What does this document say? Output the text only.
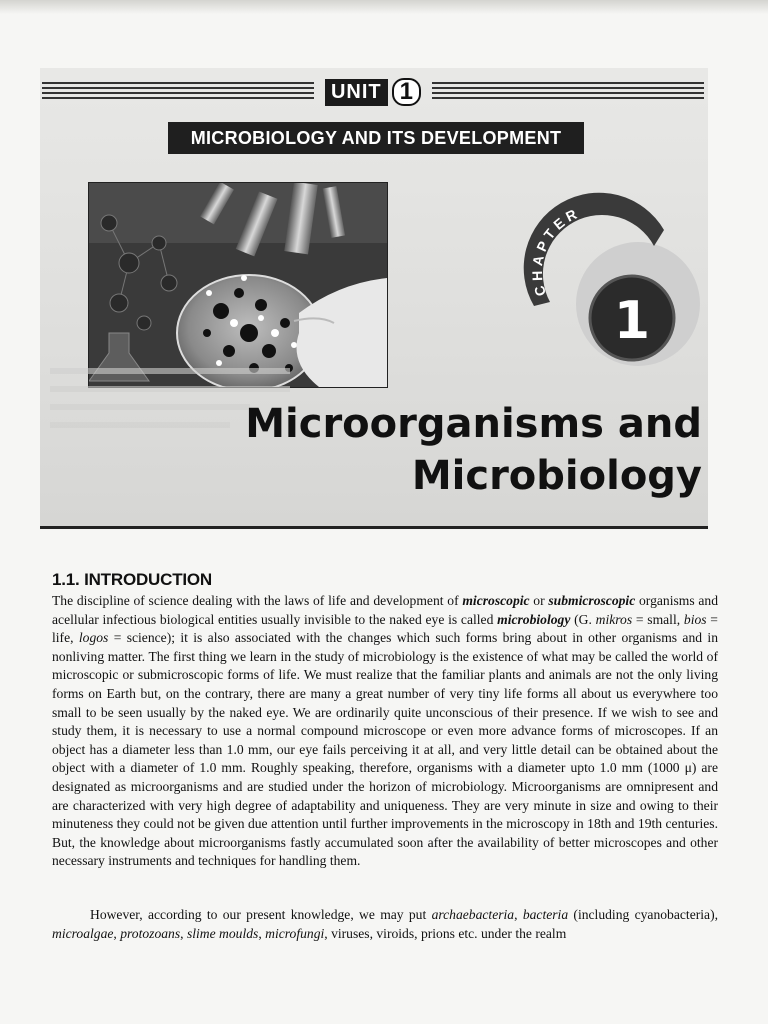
UNIT 1
MICROBIOLOGY AND ITS DEVELOPMENT
CHAPTER
1
Microorganisms and
Microbiology
1.1. INTRODUCTION
The discipline of science dealing with the laws of life and development of microscopic or submicroscopic organisms and acellular infectious biological entities usually invisible to the naked eye is called microbiology (G. mikros = small, bios = life, logos = science); it is also associated with the changes which such forms bring about in other organisms and in nonliving matter. The first thing we learn in the study of microbiology is the existence of what may be called the world of microscopic or submicroscopic forms of life. We must realize that the familiar plants and animals are not the only living forms on Earth but, on the contrary, there are many a great number of very tiny life forms all about us everywhere too small to be seen usually by the naked eye. We are ordinarily quite unconscious of their presence. If we wish to see and study them, it is necessary to use a normal compound microscope or even more advance forms of microscopes. If an object has a diameter less than 1.0 mm, our eye fails perceiving it at all, and very little detail can be obtained about the object with a diameter of 1.0 mm. Roughly speaking, therefore, organisms with a diameter upto 1.0 mm (1000 μ) are designated as microorganisms and are studied under the horizon of microbiology. Microorganisms are omnipresent and are characterized with very high degree of adaptability and uniqueness. They are very minute in size and owing to their minuteness they could not be given due attention until further improvements in the microscopy in 18th and 19th centuries. But, the knowledge about microorganisms fastly accumulated soon after the availability of better microscopes and other necessary instruments and techniques for handling them.
However, according to our present knowledge, we may put archaebacteria, bacteria (including cyanobacteria), microalgae, protozoans, slime moulds, microfungi, viruses, viroids, prions etc. under the realm
